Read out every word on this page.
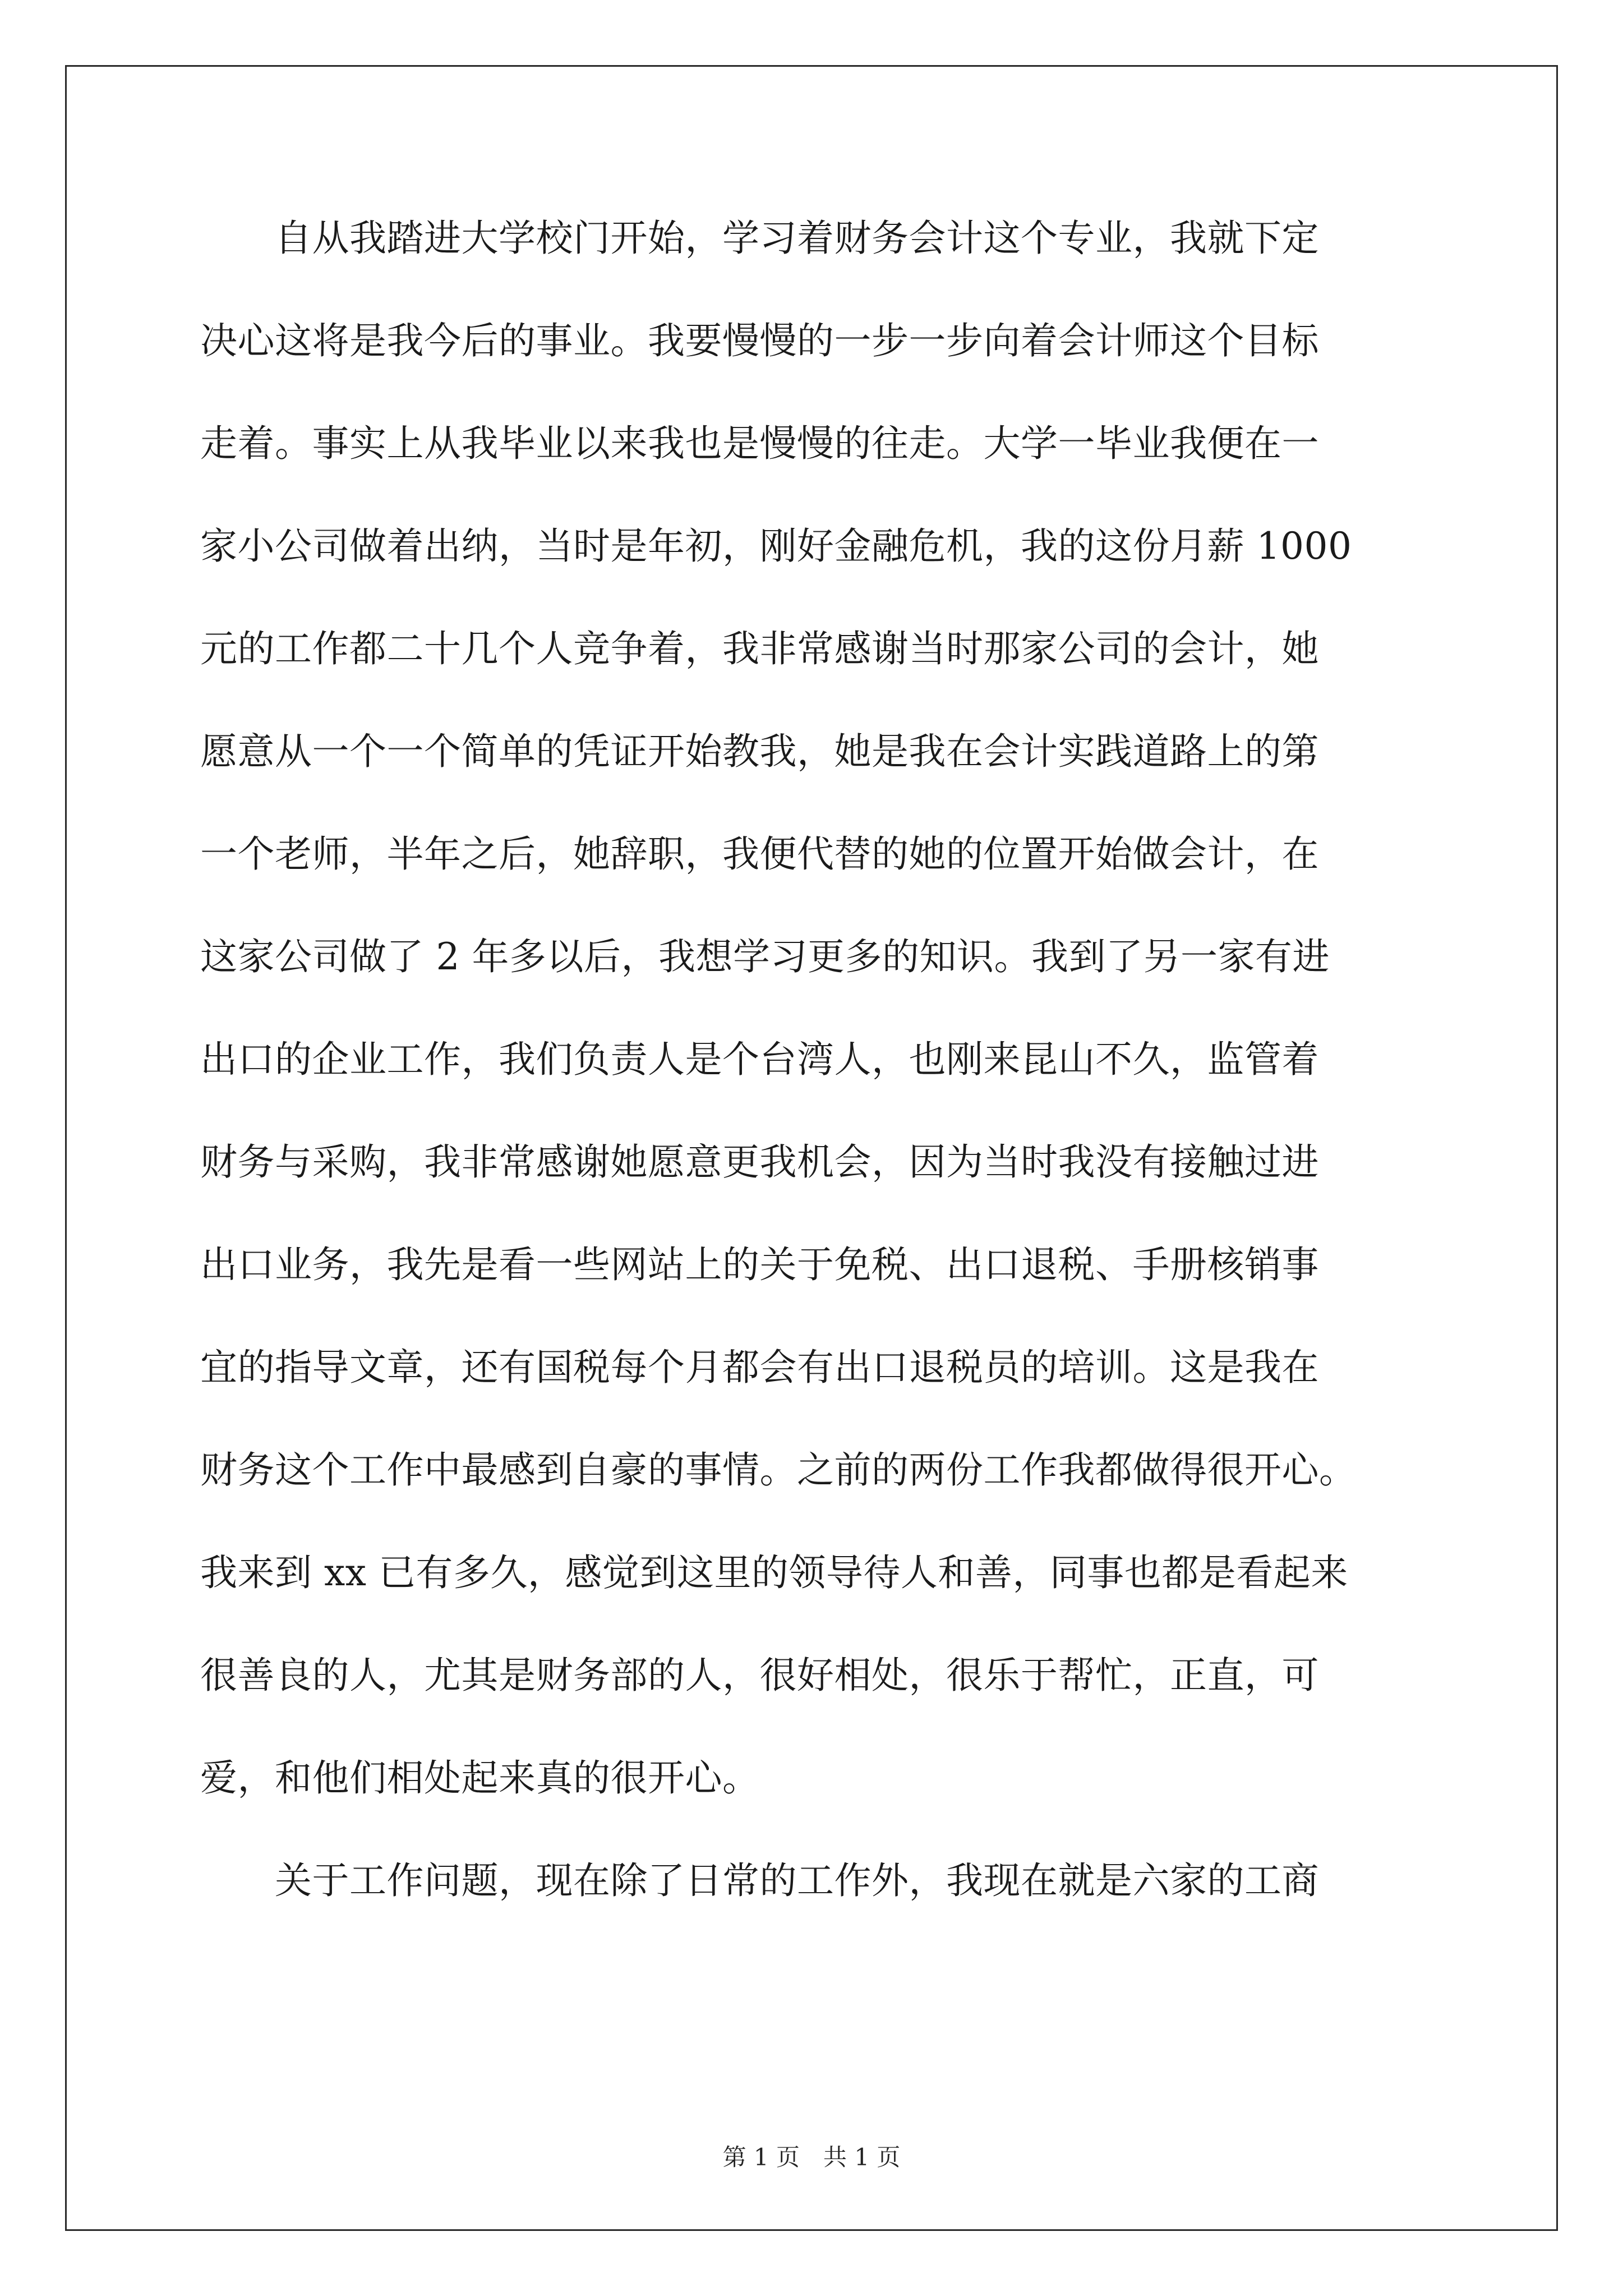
　　自从我踏进大学校门开始，学习着财务会计这个专业，我就下定
决心这将是我今后的事业。我要慢慢的一步一步向着会计师这个目标
走着。事实上从我毕业以来我也是慢慢的往走。大学一毕业我便在一
家小公司做着出纳，当时是年初，刚好金融危机，我的这份月薪 1000
元的工作都二十几个人竞争着，我非常感谢当时那家公司的会计，她
愿意从一个一个简单的凭证开始教我，她是我在会计实践道路上的第
一个老师，半年之后，她辞职，我便代替的她的位置开始做会计，在
这家公司做了 2 年多以后，我想学习更多的知识。我到了另一家有进
出口的企业工作，我们负责人是个台湾人，也刚来昆山不久，监管着
财务与采购，我非常感谢她愿意更我机会，因为当时我没有接触过进
出口业务，我先是看一些网站上的关于免税、出口退税、手册核销事
宜的指导文章，还有国税每个月都会有出口退税员的培训。这是我在
财务这个工作中最感到自豪的事情。之前的两份工作我都做得很开心。
我来到 xx 已有多久，感觉到这里的领导待人和善，同事也都是看起来
很善良的人，尤其是财务部的人，很好相处，很乐于帮忙，正直，可
爱，和他们相处起来真的很开心。
　　关于工作问题，现在除了日常的工作外，我现在就是六家的工商
第 1 页　共 1 页
